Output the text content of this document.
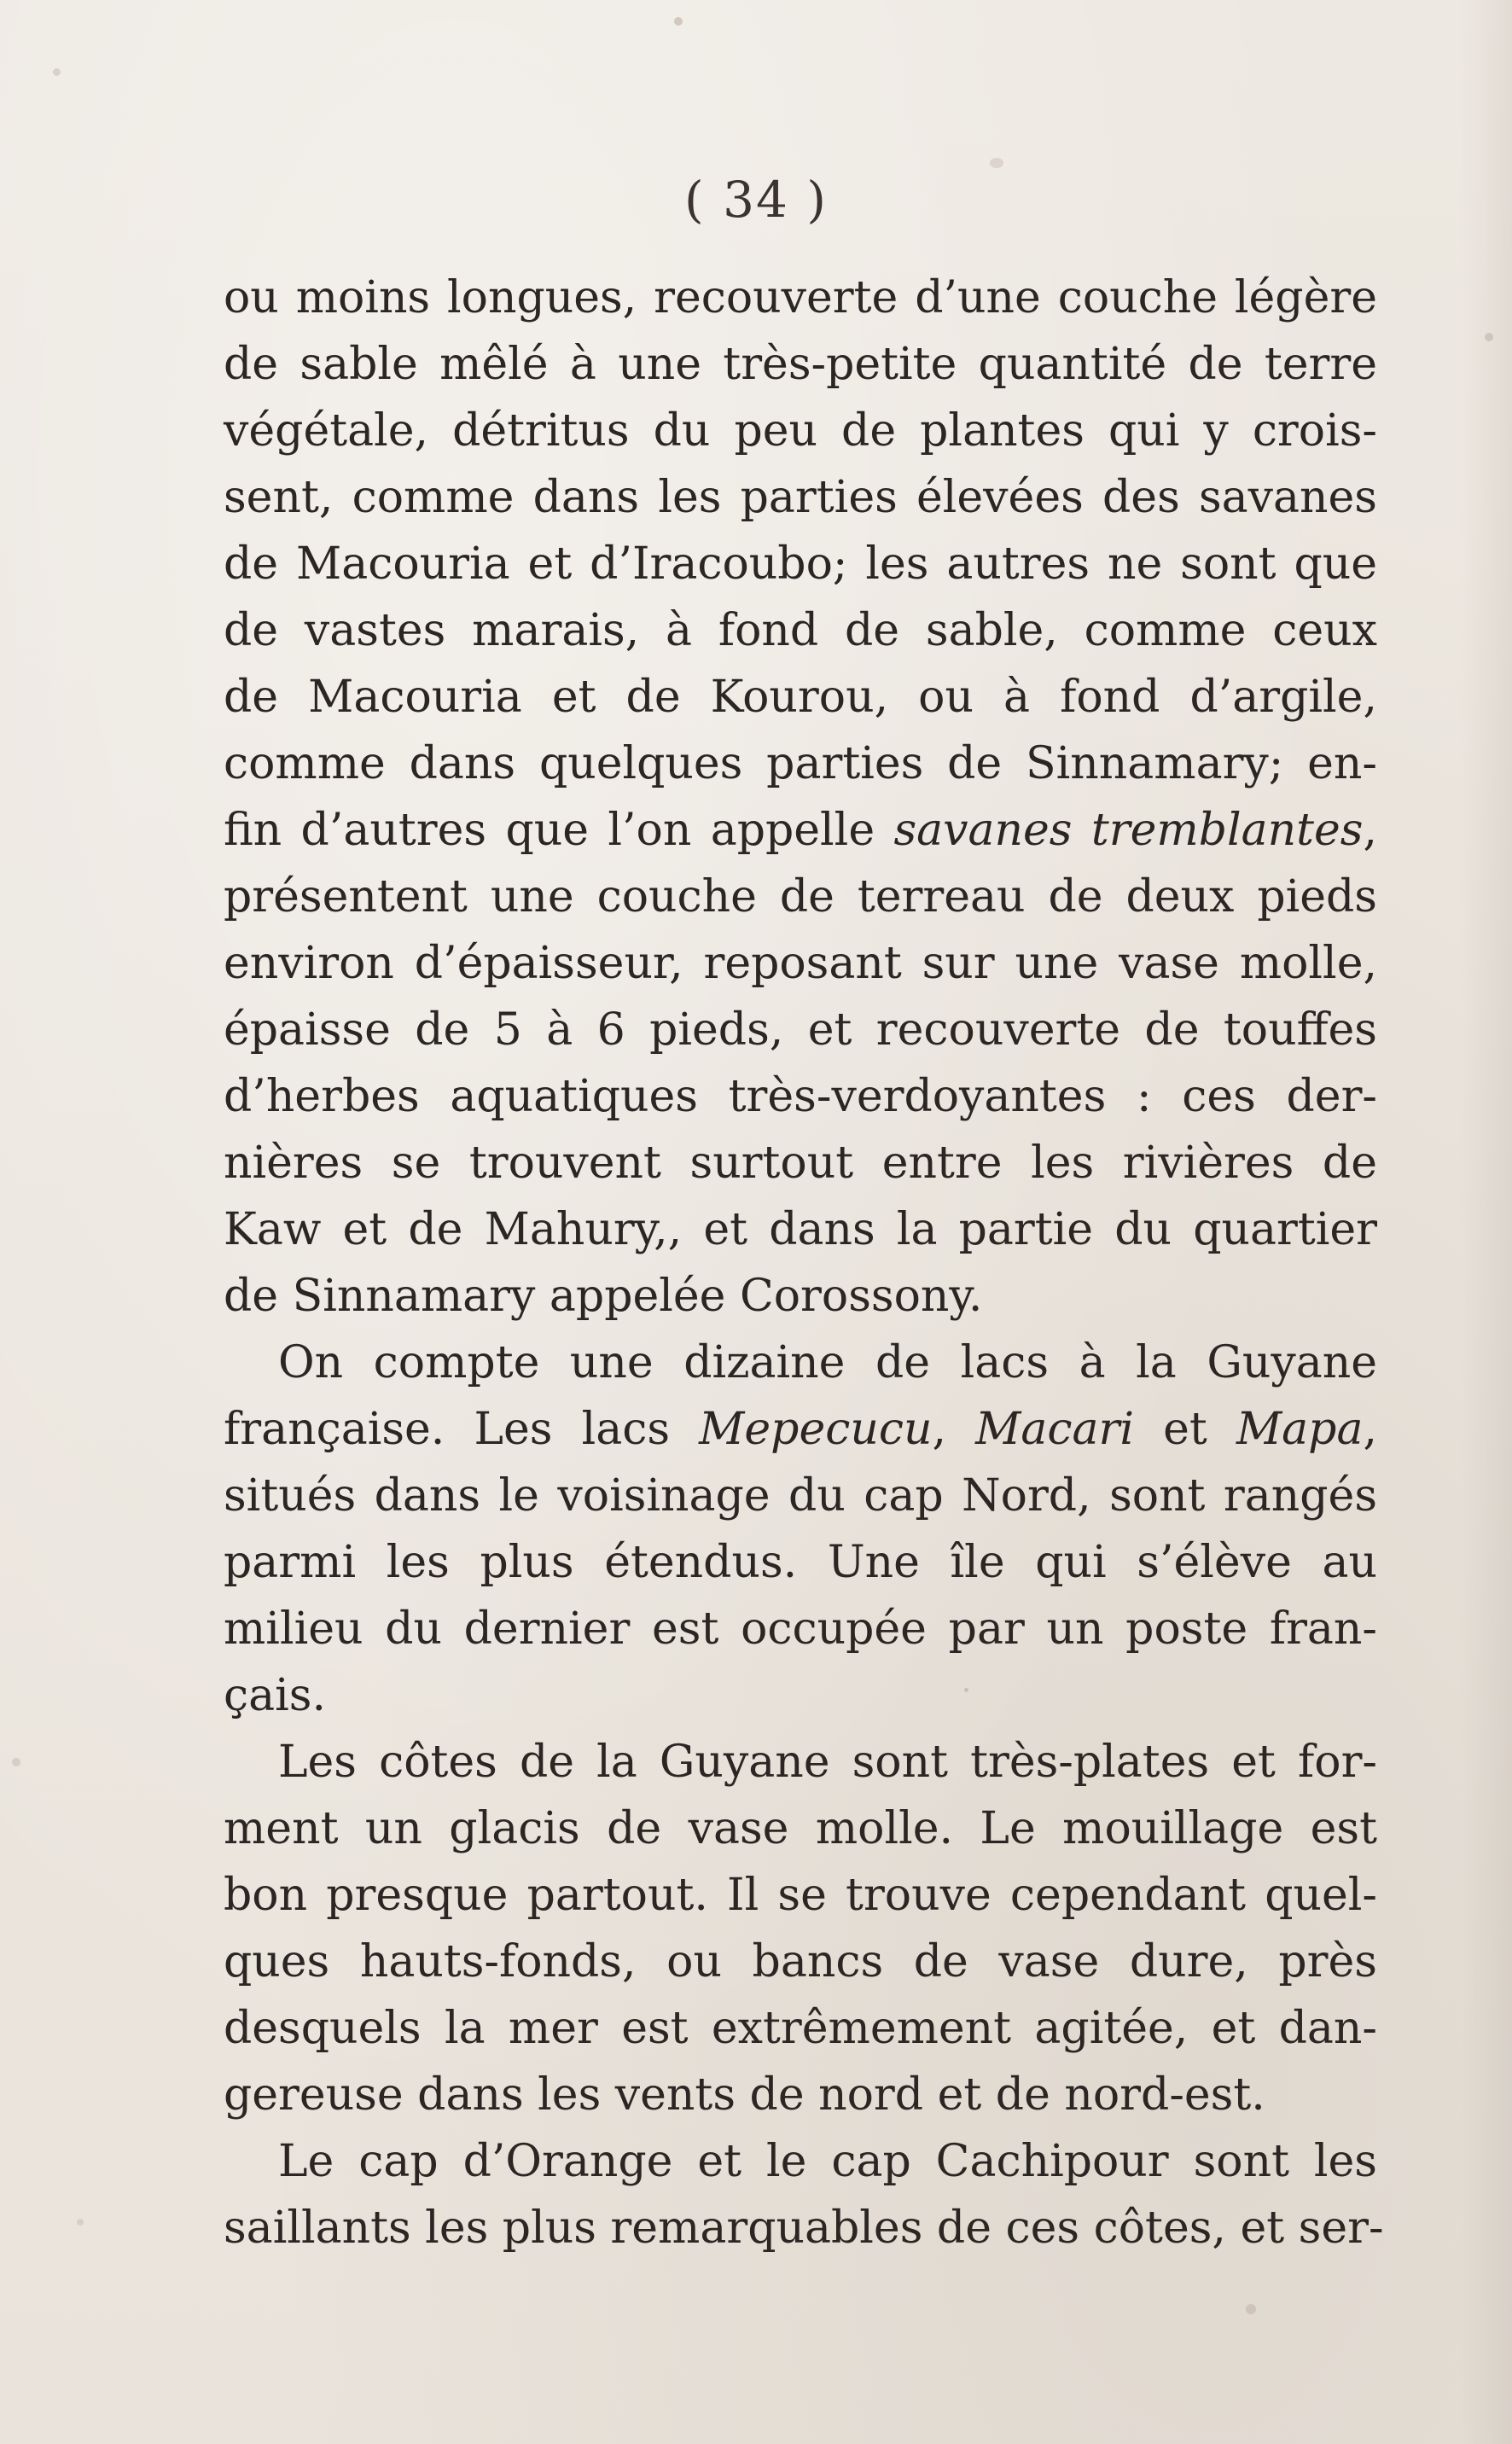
( 34 )
ou moins longues, recouverte d’une couche légère
de sable mêlé à une très-petite quantité de terre
végétale, détritus du peu de plantes qui y crois-
sent, comme dans les parties élevées des savanes
de Macouria et d’Iracoubo; les autres ne sont que
de vastes marais, à fond de sable, comme ceux
de Macouria et de Kourou, ou à fond d’argile,
comme dans quelques parties de Sinnamary; en-
fin d’autres que l’on appelle savanes tremblantes,
présentent une couche de terreau de deux pieds
environ d’épaisseur, reposant sur une vase molle,
épaisse de 5 à 6 pieds, et recouverte de touffes
d’herbes aquatiques très-verdoyantes : ces der-
nières se trouvent surtout entre les rivières de
Kaw et de Mahury,, et dans la partie du quartier
de Sinnamary appelée Corossony.
On compte une dizaine de lacs à la Guyane
française. Les lacs Mepecucu, Macari et Mapa,
situés dans le voisinage du cap Nord, sont rangés
parmi les plus étendus. Une île qui s’élève au
milieu du dernier est occupée par un poste fran-
çais.
Les côtes de la Guyane sont très-plates et for-
ment un glacis de vase molle. Le mouillage est
bon presque partout. Il se trouve cependant quel-
ques hauts-fonds, ou bancs de vase dure, près
desquels la mer est extrêmement agitée, et dan-
gereuse dans les vents de nord et de nord-est.
Le cap d’Orange et le cap Cachipour sont les
saillants les plus remarquables de ces côtes, et ser-
